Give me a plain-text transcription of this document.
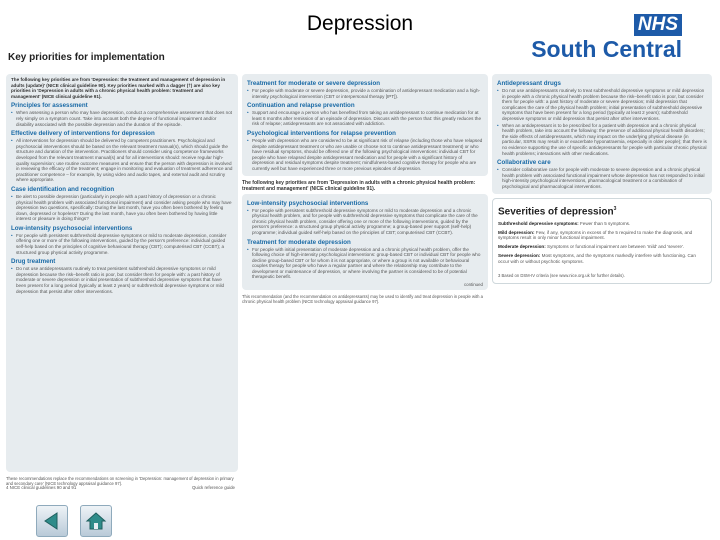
Depression	NHS
South Central
Key priorities for implementation
The following key priorities are from 'Depression: the treatment and management of depression in adults (update)' (NICE clinical guideline 90). Key priorities marked with a dagger (†) are also key priorities in 'Depression in adults with a chronic physical health problem: treatment and management' (NICE clinical guideline 91).
Principles for assessment
• When assessing a person who may have depression, conduct a comprehensive assessment that does not rely simply on a symptom count. Take into account both the degree of functional impairment and/or disability associated with the possible depression and the duration of the episode.
Effective delivery of interventions for depression
• All interventions for depression should be delivered by competent practitioners. Psychological and psychosocial interventions should be based on the relevant treatment manual(s), which should guide the structure and duration of the intervention. Practitioners should consider using competence frameworks developed from the relevant treatment manual(s) and for all interventions should: receive regular high-quality supervision; use routine outcome measures and ensure that the person with depression is involved in reviewing the efficacy of the treatment; engage in monitoring and evaluation of treatment adherence and practitioner competence – for example, by using video and audio tapes, and external audit and scrutiny where appropriate.
Case identification and recognition
• Be alert to possible depression (particularly in people with a past history of depression or a chronic physical health problem with associated functional impairment) and consider asking people who may have depression two questions, specifically: During the last month, have you often been bothered by feeling down, depressed or hopeless? During the last month, have you often been bothered by having little interest or pleasure in doing things?
Low-intensity psychosocial interventions
• For people with persistent subthreshold depressive symptoms or mild to moderate depression, consider offering one or more of the following interventions, guided by the person's preference: individual guided self-help based on the principles of cognitive behavioural therapy (CBT); computerised CBT (CCBT); a structured group physical activity programme.
Drug treatment
• Do not use antidepressants routinely to treat persistent subthreshold depressive symptoms or mild depression because the risk–benefit ratio is poor, but consider them for people with: a past history of moderate or severe depression or initial presentation of subthreshold depressive symptoms that have been present for a long period (typically at least 2 years) or subthreshold depressive symptoms or mild depression that persist after other interventions.
These recommendations replace the recommendations on screening in 'Depression: management of depression in primary and secondary care' (NICE technology appraisal guidance 97).
4 NICE clinical guidelines 90 and 91	Quick reference guide
Treatment for moderate or severe depression
• For people with moderate or severe depression, provide a combination of antidepressant medication and a high-intensity psychological intervention (CBT or interpersonal therapy [IPT]).
Continuation and relapse prevention
• Support and encourage a person who has benefited from taking an antidepressant to continue medication for at least 6 months after remission of an episode of depression. Discuss with the person that: this greatly reduces the risk of relapse; antidepressants are not associated with addiction.
Psychological interventions for relapse prevention
• People with depression who are considered to be at significant risk of relapse (including those who have relapsed despite antidepressant treatment or who are unable or choose not to continue antidepressant treatment) or who have residual symptoms, should be offered one of the following psychological interventions: individual CBT for people who have relapsed despite antidepressant medication and for people with a significant history of depression and residual symptoms despite treatment; mindfulness-based cognitive therapy for people who are currently well but have experienced three or more previous episodes of depression.
The following key priorities are from 'Depression in adults with a chronic physical health problem: treatment and management' (NICE clinical guideline 91).
Low-intensity psychosocial interventions
• For people with persistent subthreshold depressive symptoms or mild to moderate depression and a chronic physical health problem, and for people with subthreshold depressive symptoms that complicate the care of the chronic physical health problem, consider offering one or more of the following interventions, guided by the person's preference: a structured group physical activity programme; a group-based peer support (self-help) programme; individual guided self-help based on the principles of CBT; computerised CBT (CCBT).
Treatment for moderate depression
• For people with initial presentation of moderate depression and a chronic physical health problem, offer the following choice of high-intensity psychological interventions: group-based CBT or individual CBT for people who decline group-based CBT or for whom it is not appropriate, or where a group is not available or behavioural couples therapy for people who have a regular partner and where the relationship may contribute to the development or maintenance of depression, or where involving the partner is considered to be of potential therapeutic benefit.
continued
This recommendation (and the recommendation on antidepressants) may be used to identify and treat depression in people with a chronic physical health problem (NICE technology appraisal guidance 97).
Antidepressant drugs
• Do not use antidepressants routinely to treat subthreshold depressive symptoms or mild depression in people with a chronic physical health problem because the risk–benefit ratio is poor, but consider them for people with: a past history of moderate or severe depression; mild depression that complicates the care of the physical health problem; initial presentation of subthreshold depressive symptoms that have been present for a long period (typically at least 2 years); subthreshold depressive symptoms or mild depression that persist after other interventions.
• When an antidepressant is to be prescribed for a patient with depression and a chronic physical health problem, take into account the following: the presence of additional physical health disorders; the side effects of antidepressants, which may impact on the underlying physical disease (in particular, SSRIs may result in or exacerbate hyponatraemia, especially in older people); that there is no evidence supporting the use of specific antidepressants for people with particular chronic physical health problems; interactions with other medications.
Collaborative care
• Consider collaborative care for people with moderate to severe depression and a chronic physical health problem with associated functional impairment whose depression has not responded to initial high-intensity psychological interventions, pharmacological treatment or a combination of psychological and pharmacological interventions.
Severities of depression$^3$
Subthreshold depressive symptoms: Fewer than 5 symptoms.
Mild depression: Few, if any, symptoms in excess of the 5 required to make the diagnosis, and symptoms result in only minor functional impairment.
Moderate depression: Symptoms or functional impairment are between 'mild' and 'severe'.
Severe depression: Most symptoms, and the symptoms markedly interfere with functioning. Can occur with or without psychotic symptoms.
3 Based on DSM-IV criteria (see www.nice.org.uk for further details).
